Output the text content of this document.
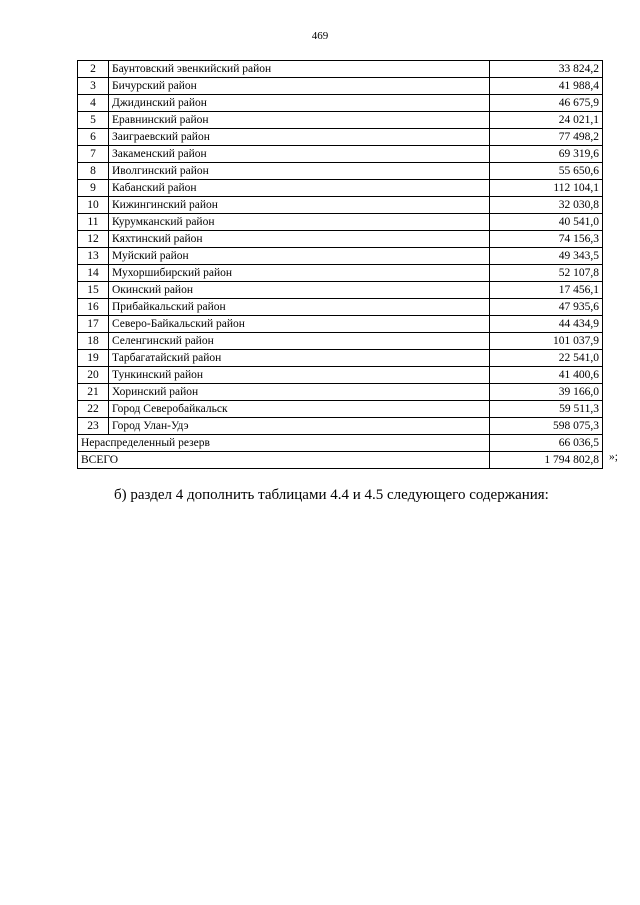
469
2	Баунтовский эвенкийский район	33 824,2
3	Бичурский район	41 988,4
4	Джидинский район	46 675,9
5	Еравнинский район	24 021,1
6	Заиграевский район	77 498,2
7	Закаменский район	69 319,6
8	Иволгинский район	55 650,6
9	Кабанский район	112 104,1
10	Кижингинский район	32 030,8
11	Курумканский район	40 541,0
12	Кяхтинский район	74 156,3
13	Муйский район	49 343,5
14	Мухоршибирский район	52 107,8
15	Окинский район	17 456,1
16	Прибайкальский район	47 935,6
17	Северо-Байкальский район	44 434,9
18	Селенгинский район	101 037,9
19	Тарбагатайский район	22 541,0
20	Тункинский район	41 400,6
21	Хоринский район	39 166,0
22	Город Северобайкальск	59 511,3
23	Город Улан-Удэ	598 075,3
Нераспределенный резерв		66 036,5
ВСЕГО		1 794 802,8 »;
б) раздел 4 дополнить таблицами 4.4 и 4.5 следующего содержания:
